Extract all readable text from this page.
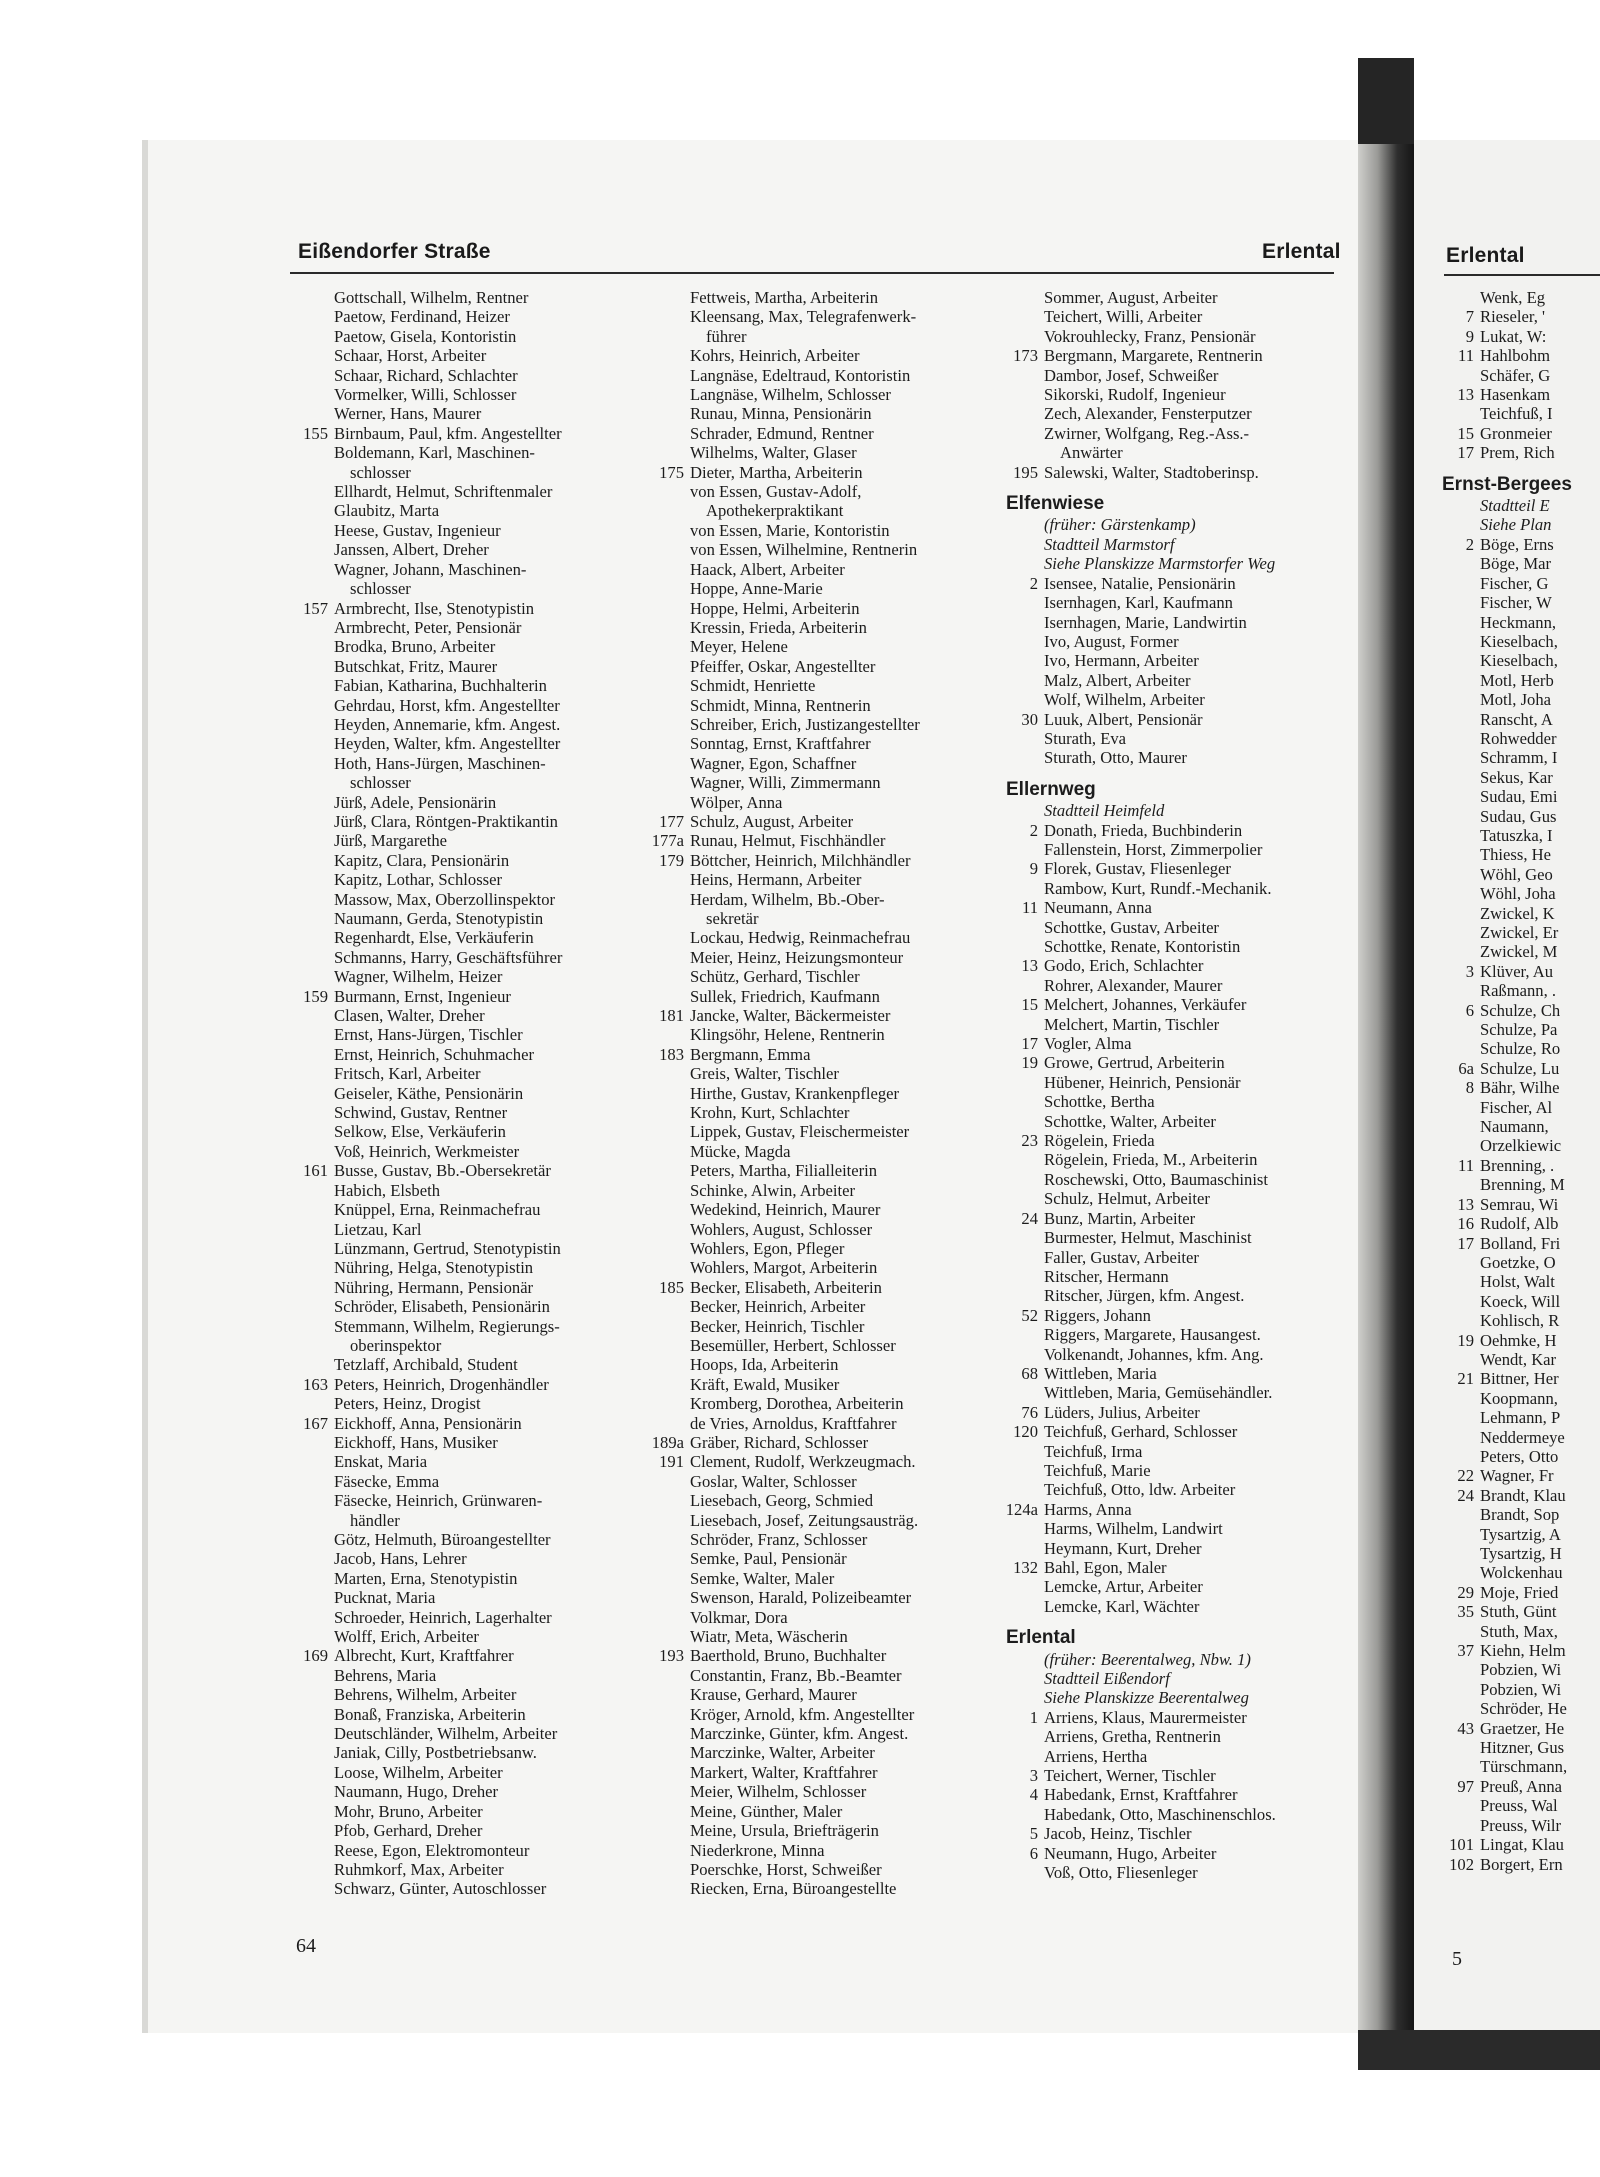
Eißendorfer Straße	Erlental	Erlental
Gottschall, Wilhelm, Rentner
Paetow, Ferdinand, Heizer
Paetow, Gisela, Kontoristin
Schaar, Horst, Arbeiter
Schaar, Richard, Schlachter
Vormelker, Willi, Schlosser
Werner, Hans, Maurer
155 Birnbaum, Paul, kfm. Angestellter
Boldemann, Karl, Maschinen-
schlosser
Ellhardt, Helmut, Schriftenmaler
Glaubitz, Marta
Heese, Gustav, Ingenieur
Janssen, Albert, Dreher
Wagner, Johann, Maschinen-
schlosser
157 Armbrecht, Ilse, Stenotypistin
Armbrecht, Peter, Pensionär
Brodka, Bruno, Arbeiter
Butschkat, Fritz, Maurer
Fabian, Katharina, Buchhalterin
Gehrdau, Horst, kfm. Angestellter
Heyden, Annemarie, kfm. Angest.
Heyden, Walter, kfm. Angestellter
Hoth, Hans-Jürgen, Maschinen-
schlosser
Jürß, Adele, Pensionärin
Jürß, Clara, Röntgen-Praktikantin
Jürß, Margarethe
Kapitz, Clara, Pensionärin
Kapitz, Lothar, Schlosser
Massow, Max, Oberzollinspektor
Naumann, Gerda, Stenotypistin
Regenhardt, Else, Verkäuferin
Schmanns, Harry, Geschäftsführer
Wagner, Wilhelm, Heizer
159 Burmann, Ernst, Ingenieur
Clasen, Walter, Dreher
Ernst, Hans-Jürgen, Tischler
Ernst, Heinrich, Schuhmacher
Fritsch, Karl, Arbeiter
Geiseler, Käthe, Pensionärin
Schwind, Gustav, Rentner
Selkow, Else, Verkäuferin
Voß, Heinrich, Werkmeister
161 Busse, Gustav, Bb.-Obersekretär
Habich, Elsbeth
Knüppel, Erna, Reinmachefrau
Lietzau, Karl
Lünzmann, Gertrud, Stenotypistin
Nühring, Helga, Stenotypistin
Nühring, Hermann, Pensionär
Schröder, Elisabeth, Pensionärin
Stemmann, Wilhelm, Regierungs-
oberinspektor
Tetzlaff, Archibald, Student
163 Peters, Heinrich, Drogenhändler
Peters, Heinz, Drogist
167 Eickhoff, Anna, Pensionärin
Eickhoff, Hans, Musiker
Enskat, Maria
Fäsecke, Emma
Fäsecke, Heinrich, Grünwaren-
händler
Götz, Helmuth, Büroangestellter
Jacob, Hans, Lehrer
Marten, Erna, Stenotypistin
Pucknat, Maria
Schroeder, Heinrich, Lagerhalter
Wolff, Erich, Arbeiter
169 Albrecht, Kurt, Kraftfahrer
Behrens, Maria
Behrens, Wilhelm, Arbeiter
Bonaß, Franziska, Arbeiterin
Deutschländer, Wilhelm, Arbeiter
Janiak, Cilly, Postbetriebsanw.
Loose, Wilhelm, Arbeiter
Naumann, Hugo, Dreher
Mohr, Bruno, Arbeiter
Pfob, Gerhard, Dreher
Reese, Egon, Elektromonteur
Ruhmkorf, Max, Arbeiter
Schwarz, Günter, Autoschlosser
Fettweis, Martha, Arbeiterin
Kleensang, Max, Telegrafenwerk-
führer
Kohrs, Heinrich, Arbeiter
Langnäse, Edeltraud, Kontoristin
Langnäse, Wilhelm, Schlosser
Runau, Minna, Pensionärin
Schrader, Edmund, Rentner
Wilhelms, Walter, Glaser
175 Dieter, Martha, Arbeiterin
von Essen, Gustav-Adolf,
Apothekerpraktikant
von Essen, Marie, Kontoristin
von Essen, Wilhelmine, Rentnerin
Haack, Albert, Arbeiter
Hoppe, Anne-Marie
Hoppe, Helmi, Arbeiterin
Kressin, Frieda, Arbeiterin
Meyer, Helene
Pfeiffer, Oskar, Angestellter
Schmidt, Henriette
Schmidt, Minna, Rentnerin
Schreiber, Erich, Justizangestellter
Sonntag, Ernst, Kraftfahrer
Wagner, Egon, Schaffner
Wagner, Willi, Zimmermann
Wölper, Anna
177 Schulz, August, Arbeiter
177a Runau, Helmut, Fischhändler
179 Böttcher, Heinrich, Milchhändler
Heins, Hermann, Arbeiter
Herdam, Wilhelm, Bb.-Ober-
sekretär
Lockau, Hedwig, Reinmachefrau
Meier, Heinz, Heizungsmonteur
Schütz, Gerhard, Tischler
Sullek, Friedrich, Kaufmann
181 Jancke, Walter, Bäckermeister
Klingsöhr, Helene, Rentnerin
183 Bergmann, Emma
Greis, Walter, Tischler
Hirthe, Gustav, Krankenpfleger
Krohn, Kurt, Schlachter
Lippek, Gustav, Fleischermeister
Mücke, Magda
Peters, Martha, Filialleiterin
Schinke, Alwin, Arbeiter
Wedekind, Heinrich, Maurer
Wohlers, August, Schlosser
Wohlers, Egon, Pfleger
Wohlers, Margot, Arbeiterin
185 Becker, Elisabeth, Arbeiterin
Becker, Heinrich, Arbeiter
Becker, Heinrich, Tischler
Besemüller, Herbert, Schlosser
Hoops, Ida, Arbeiterin
Kräft, Ewald, Musiker
Kromberg, Dorothea, Arbeiterin
de Vries, Arnoldus, Kraftfahrer
189a Gräber, Richard, Schlosser
191 Clement, Rudolf, Werkzeugmach.
Goslar, Walter, Schlosser
Liesebach, Georg, Schmied
Liesebach, Josef, Zeitungsausträg.
Schröder, Franz, Schlosser
Semke, Paul, Pensionär
Semke, Walter, Maler
Swenson, Harald, Polizeibeamter
Volkmar, Dora
Wiatr, Meta, Wäscherin
193 Baerthold, Bruno, Buchhalter
Constantin, Franz, Bb.-Beamter
Krause, Gerhard, Maurer
Kröger, Arnold, kfm. Angestellter
Marczinke, Günter, kfm. Angest.
Marczinke, Walter, Arbeiter
Markert, Walter, Kraftfahrer
Meier, Wilhelm, Schlosser
Meine, Günther, Maler
Meine, Ursula, Briefträgerin
Niederkrone, Minna
Poerschke, Horst, Schweißer
Riecken, Erna, Büroangestellte
Sommer, August, Arbeiter
Teichert, Willi, Arbeiter
Vokrouhlecky, Franz, Pensionär
173 Bergmann, Margarete, Rentnerin
Dambor, Josef, Schweißer
Sikorski, Rudolf, Ingenieur
Zech, Alexander, Fensterputzer
Zwirner, Wolfgang, Reg.-Ass.-
Anwärter
195 Salewski, Walter, Stadtoberinsp.
Elfenwiese
(früher: Gärstenkamp)
Stadtteil Marmstorf
Siehe Planskizze Marmstorfer Weg
2 Isensee, Natalie, Pensionärin
Isernhagen, Karl, Kaufmann
Isernhagen, Marie, Landwirtin
Ivo, August, Former
Ivo, Hermann, Arbeiter
Malz, Albert, Arbeiter
Wolf, Wilhelm, Arbeiter
30 Luuk, Albert, Pensionär
Sturath, Eva
Sturath, Otto, Maurer
Ellernweg
Stadtteil Heimfeld
2 Donath, Frieda, Buchbinderin
Fallenstein, Horst, Zimmerpolier
9 Florek, Gustav, Fliesenleger
Rambow, Kurt, Rundf.-Mechanik.
11 Neumann, Anna
Schottke, Gustav, Arbeiter
Schottke, Renate, Kontoristin
13 Godo, Erich, Schlachter
Rohrer, Alexander, Maurer
15 Melchert, Johannes, Verkäufer
Melchert, Martin, Tischler
17 Vogler, Alma
19 Growe, Gertrud, Arbeiterin
Hübener, Heinrich, Pensionär
Schottke, Bertha
Schottke, Walter, Arbeiter
23 Rögelein, Frieda
Rögelein, Frieda, M., Arbeiterin
Roschewski, Otto, Baumaschinist
Schulz, Helmut, Arbeiter
24 Bunz, Martin, Arbeiter
Burmester, Helmut, Maschinist
Faller, Gustav, Arbeiter
Ritscher, Hermann
Ritscher, Jürgen, kfm. Angest.
52 Riggers, Johann
Riggers, Margarete, Hausangest.
Volkenandt, Johannes, kfm. Ang.
68 Wittleben, Maria
Wittleben, Maria, Gemüsehändler.
76 Lüders, Julius, Arbeiter
120 Teichfuß, Gerhard, Schlosser
Teichfuß, Irma
Teichfuß, Marie
Teichfuß, Otto, ldw. Arbeiter
124a Harms, Anna
Harms, Wilhelm, Landwirt
Heymann, Kurt, Dreher
132 Bahl, Egon, Maler
Lemcke, Artur, Arbeiter
Lemcke, Karl, Wächter
Erlental
(früher: Beerentalweg, Nbw. 1)
Stadtteil Eißendorf
Siehe Planskizze Beerentalweg
1 Arriens, Klaus, Maurermeister
Arriens, Gretha, Rentnerin
Arriens, Hertha
3 Teichert, Werner, Tischler
4 Habedank, Ernst, Kraftfahrer
Habedank, Otto, Maschinenschlos.
5 Jacob, Heinz, Tischler
6 Neumann, Hugo, Arbeiter
Voß, Otto, Fliesenleger
Wenk, Eg
7 Rieseler, '
9 Lukat, W:
11 Hahlbohm
Schäfer, G
13 Hasenkam
Teichfuß, I
15 Gronmeier
17 Prem, Rich
Ernst-Bergees
Stadtteil E
Siehe Plan
2 Böge, Erns
Böge, Mar
Fischer, G
Fischer, W
Heckmann,
Kieselbach,
Kieselbach,
Motl, Herb
Motl, Joha
Ranscht, A
Rohwedder
Schramm, I
Sekus, Kar
Sudau, Emi
Sudau, Gus
Tatuszka, I
Thiess, He
Wöhl, Geo
Wöhl, Joha
Zwickel, K
Zwickel, Er
Zwickel, M
3 Klüver, Au
Raßmann, .
6 Schulze, Ch
Schulze, Pa
Schulze, Ro
6a Schulze, Lu
8 Bähr, Wilhe
Fischer, Al
Naumann,
Orzelkiewic
11 Brenning, .
Brenning, M
13 Semrau, Wi
16 Rudolf, Alb
17 Bolland, Fri
Goetzke, O
Holst, Walt
Koeck, Will
Kohlisch, R
19 Oehmke, H
Wendt, Kar
21 Bittner, Her
Koopmann,
Lehmann, P
Neddermeye
Peters, Otto
22 Wagner, Fr
24 Brandt, Klau
Brandt, Sop
Tysartzig, A
Tysartzig, H
Wolckenhau
29 Moje, Fried
35 Stuth, Günt
Stuth, Max,
37 Kiehn, Helm
Pobzien, Wi
Pobzien, Wi
Schröder, He
43 Graetzer, He
Hitzner, Gus
Türschmann,
97 Preuß, Anna
Preuss, Wal
Preuss, Wilr
101 Lingat, Klau
102 Borgert, Ern
64
5
